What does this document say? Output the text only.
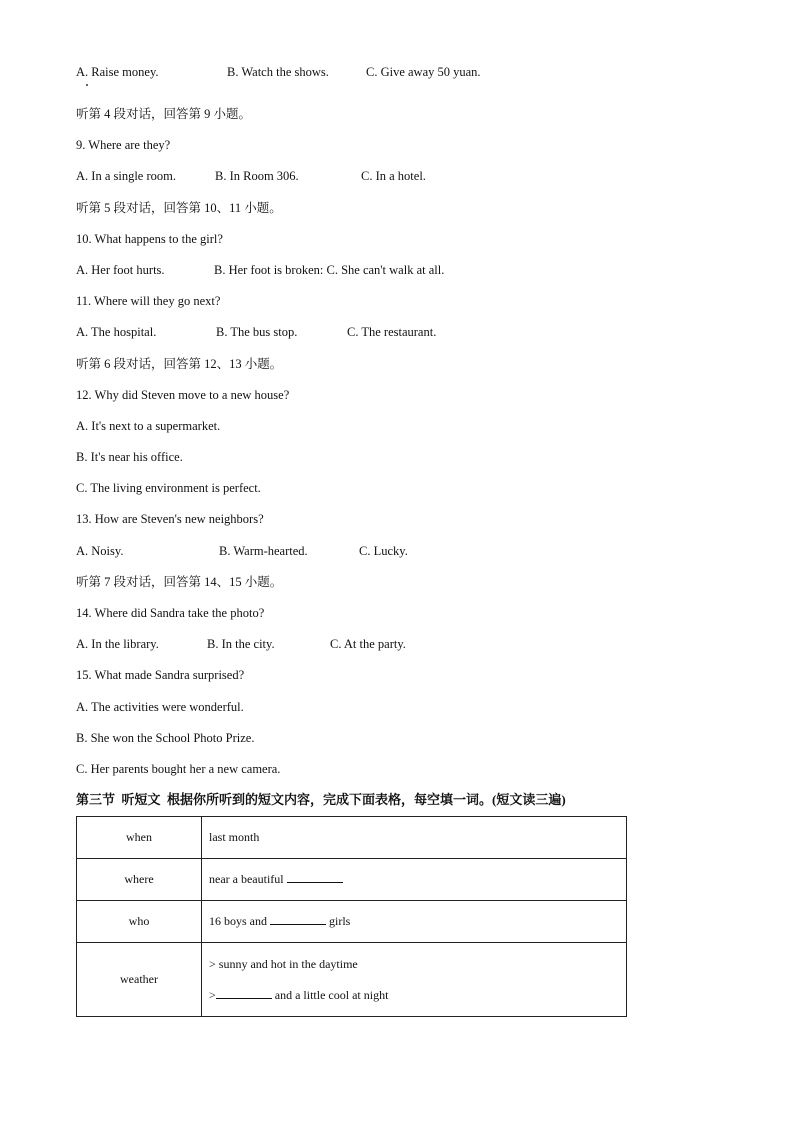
A. Raise money.	B. Watch the shows.	C. Give away 50 yuan.
听第 4 段对话，回答第 9 小题。
9. Where are they?
A. In a single room.	B. In Room 306.	C. In a hotel.
听第 5 段对话，回答第 10、11 小题。
10. What happens to the girl?
A. Her foot hurts.	B. Her foot is broken: C. She can't walk at all.
11. Where will they go next?
A. The hospital.	B. The bus stop.	C. The restaurant.
听第 6 段对话，回答第 12、13 小题。
12. Why did Steven move to a new house?
A. It's next to a supermarket.
B. It's near his office.
C. The living environment is perfect.
13. How are Steven's new neighbors?
A. Noisy.	B. Warm-hearted.	C. Lucky.
听第 7 段对话，回答第 14、15 小题。
14. Where did Sandra take the photo?
A. In the library.	B. In the city.	C. At the party.
15. What made Sandra surprised?
A. The activities were wonderful.
B. She won the School Photo Prize.
C. Her parents bought her a new camera.
第三节  听短文  根据你所听到的短文内容，完成下面表格，每空填一词。(短文读三遍)
when	last month
where	near a beautiful
who	16 boys and girls
weather	> sunny and hot in the daytime
> and a little cool at night
